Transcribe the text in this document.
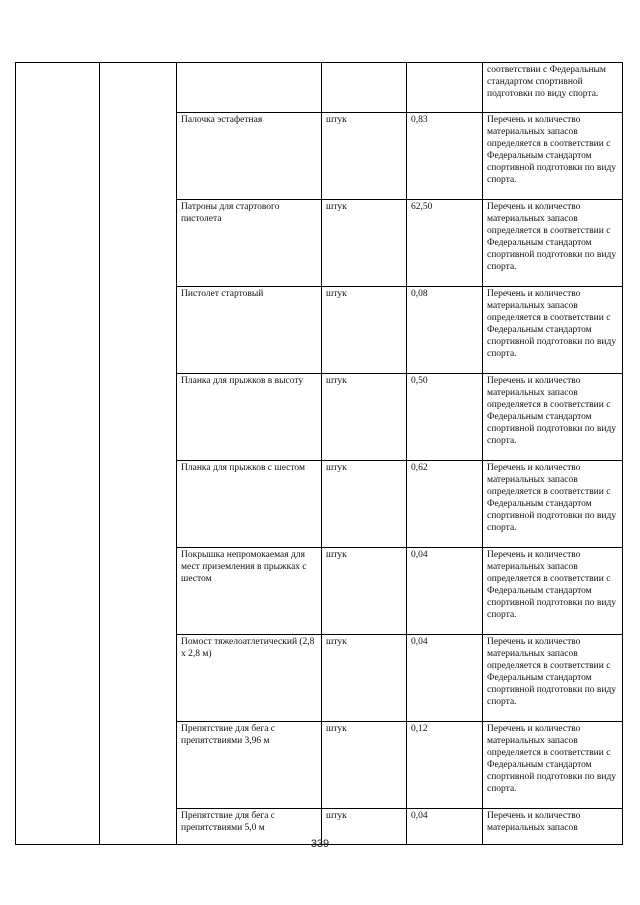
					соответствии с Федеральным стандартом спортивной подготовки по виду спорта.
		Палочка эстафетная	штук	0,83	Перечень и количество материальных запасов определяется в соответствии с Федеральным стандартом спортивной подготовки по виду спорта.
		Патроны для стартового пистолета	штук	62,50	Перечень и количество материальных запасов определяется в соответствии с Федеральным стандартом спортивной подготовки по виду спорта.
		Пистолет стартовый	штук	0,08	Перечень и количество материальных запасов определяется в соответствии с Федеральным стандартом спортивной подготовки по виду спорта.
		Планка для прыжков в высоту	штук	0,50	Перечень и количество материальных запасов определяется в соответствии с Федеральным стандартом спортивной подготовки по виду спорта.
		Планка для прыжков с шестом	штук	0,62	Перечень и количество материальных запасов определяется в соответствии с Федеральным стандартом спортивной подготовки по виду спорта.
		Покрышка непромокаемая для мест приземления в прыжках с шестом	штук	0,04	Перечень и количество материальных запасов определяется в соответствии с Федеральным стандартом спортивной подготовки по виду спорта.
		Помост тяжелоатлетический (2,8 х 2,8 м)	штук	0,04	Перечень и количество материальных запасов определяется в соответствии с Федеральным стандартом спортивной подготовки по виду спорта.
		Препятствие для бега с препятствиями 3,96 м	штук	0,12	Перечень и количество материальных запасов определяется в соответствии с Федеральным стандартом спортивной подготовки по виду спорта.
		Препятствие для бега с препятствиями 5,0 м	штук	0,04	Перечень и количество материальных запасов
339
